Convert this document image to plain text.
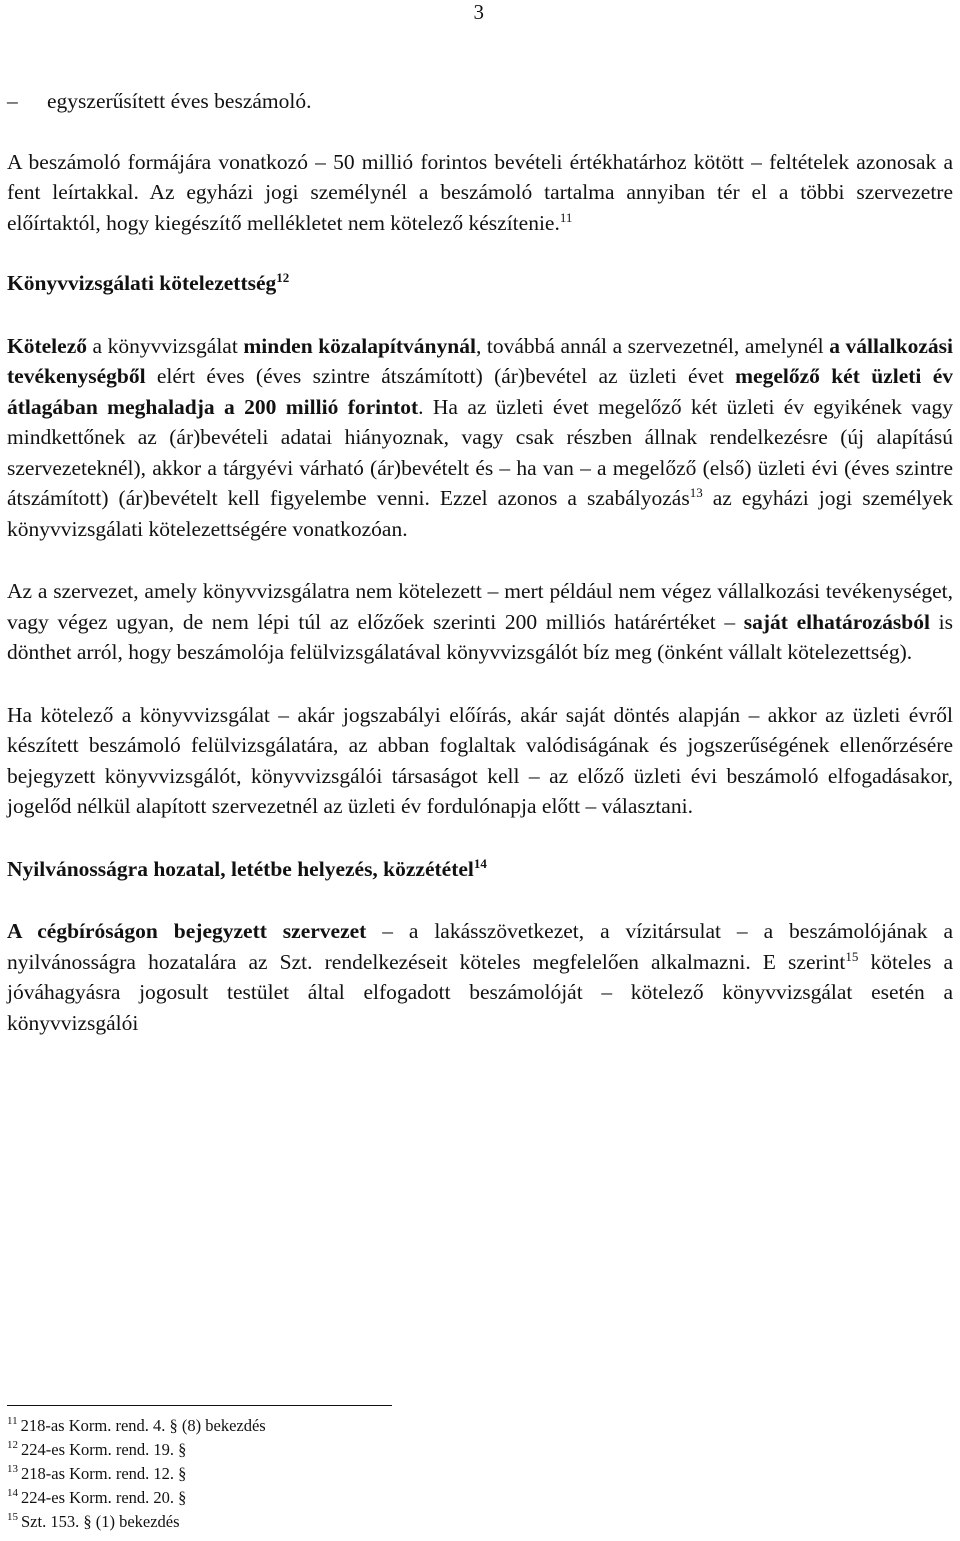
3

– egyszerűsített éves beszámoló.

A beszámoló formájára vonatkozó – 50 millió forintos bevételi értékhatárhoz kötött – feltételek azonosak a fent leírtakkal. Az egyházi jogi személynél a beszámoló tartalma annyiban tér el a többi szervezetre előírtaktól, hogy kiegészítő mellékletet nem kötelező készítenie.$^{11}$

Könyvvizsgálati kötelezettség$^{12}$

Kötelező a könyvvizsgálat minden közalapítványnál, továbbá annál a szervezetnél, amelynél a vállalkozási tevékenységből elért éves (éves szintre átszámított) (ár)bevétel az üzleti évet megelőző két üzleti év átlagában meghaladja a 200 millió forintot. Ha az üzleti évet megelőző két üzleti év egyikének vagy mindkettőnek az (ár)bevételi adatai hiányoznak, vagy csak részben állnak rendelkezésre (új alapítású szervezeteknél), akkor a tárgyévi várható (ár)bevételt és – ha van – a megelőző (első) üzleti évi (éves szintre átszámított) (ár)bevételt kell figyelembe venni. Ezzel azonos a szabályozás$^{13}$ az egyházi jogi személyek könyvvizsgálati kötelezettségére vonatkozóan.

Az a szervezet, amely könyvvizsgálatra nem kötelezett – mert például nem végez vállalkozási tevékenységet, vagy végez ugyan, de nem lépi túl az előzőek szerinti 200 milliós határértéket – saját elhatározásból is dönthet arról, hogy beszámolója felülvizsgálatával könyvvizsgálót bíz meg (önként vállalt kötelezettség).

Ha kötelező a könyvvizsgálat – akár jogszabályi előírás, akár saját döntés alapján – akkor az üzleti évről készített beszámoló felülvizsgálatára, az abban foglaltak valódiságának és jogszerűségének ellenőrzésére bejegyzett könyvvizsgálót, könyvvizsgálói társaságot kell – az előző üzleti évi beszámoló elfogadásakor, jogelőd nélkül alapított szervezetnél az üzleti év fordulónapja előtt – választani.

Nyilvánosságra hozatal, letétbe helyezés, közzététel$^{14}$

A cégbíróságon bejegyzett szervezet – a lakásszövetkezet, a vízitársulat – a beszámolójának a nyilvánosságra hozatalára az Szt. rendelkezéseit köteles megfelelően alkalmazni. E szerint$^{15}$ köteles a jóváhagyásra jogosult testület által elfogadott beszámolóját – kötelező könyvvizsgálat esetén a könyvvizsgálói

$^{11}$ 218-as Korm. rend. 4. § (8) bekezdés

$^{12}$ 224-es Korm. rend. 19. §

$^{13}$ 218-as Korm. rend. 12. §

$^{14}$ 224-es Korm. rend. 20. §

$^{15}$ Szt. 153. § (1) bekezdés
